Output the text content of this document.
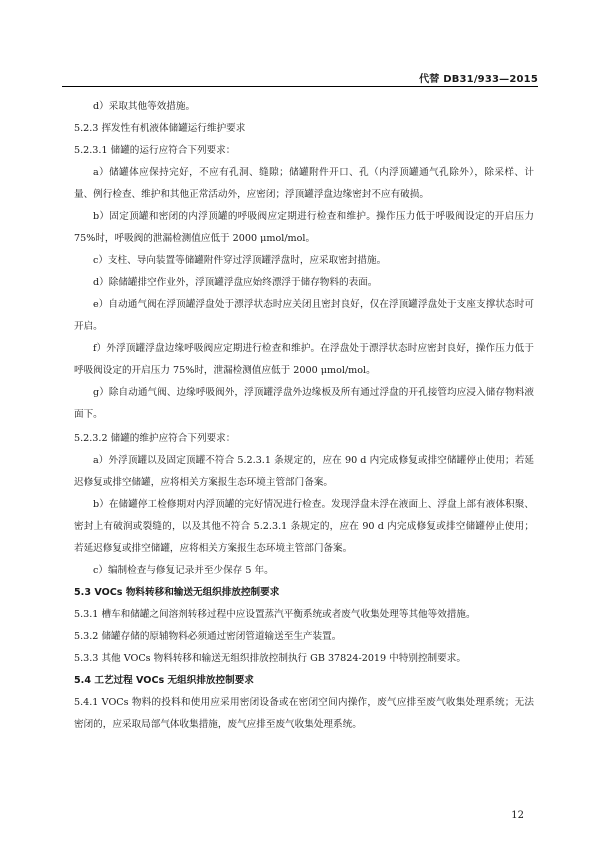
代替 DB31/933—2015

d）采取其他等效措施。

5.2.3 挥发性有机液体储罐运行维护要求

5.2.3.1 储罐的运行应符合下列要求：

a）储罐体应保持完好，不应有孔洞、缝隙；储罐附件开口、孔（内浮顶罐通气孔除外），除采样、计量、例行检查、维护和其他正常活动外，应密闭；浮顶罐浮盘边缘密封不应有破损。

b）固定顶罐和密闭的内浮顶罐的呼吸阀应定期进行检查和维护。操作压力低于呼吸阀设定的开启压力 75%时，呼吸阀的泄漏检测值应低于 2000 μmol/mol。

c）支柱、导向装置等储罐附件穿过浮顶罐浮盘时，应采取密封措施。

d）除储罐排空作业外，浮顶罐浮盘应始终漂浮于储存物料的表面。

e）自动通气阀在浮顶罐浮盘处于漂浮状态时应关闭且密封良好，仅在浮顶罐浮盘处于支座支撑状态时可开启。

f）外浮顶罐浮盘边缘呼吸阀应定期进行检查和维护。在浮盘处于漂浮状态时应密封良好，操作压力低于呼吸阀设定的开启压力 75%时，泄漏检测值应低于 2000 μmol/mol。

g）除自动通气阀、边缘呼吸阀外，浮顶罐浮盘外边缘板及所有通过浮盘的开孔接管均应浸入储存物料液面下。

5.2.3.2 储罐的维护应符合下列要求：

a）外浮顶罐以及固定顶罐不符合 5.2.3.1 条规定的，应在 90 d 内完成修复或排空储罐停止使用；若延迟修复或排空储罐，应将相关方案报生态环境主管部门备案。

b）在储罐停工检修期对内浮顶罐的完好情况进行检查。发现浮盘未浮在液面上、浮盘上部有液体积聚、密封上有破润或裂缝的，以及其他不符合 5.2.3.1 条规定的，应在 90 d 内完成修复或排空储罐停止使用；若延迟修复或排空储罐，应将相关方案报生态环境主管部门备案。

c）编制检查与修复记录并至少保存 5 年。

5.3 VOCs 物料转移和输送无组织排放控制要求

5.3.1 槽车和储罐之间溶剂转移过程中应设置蒸汽平衡系统或者废气收集处理等其他等效措施。

5.3.2 储罐存储的原辅物料必须通过密闭管道输送至生产装置。

5.3.3 其他 VOCs 物料转移和输送无组织排放控制执行 GB 37824-2019 中特别控制要求。

5.4 工艺过程 VOCs 无组织排放控制要求

5.4.1 VOCs 物料的投料和使用应采用密闭设备或在密闭空间内操作，废气应排至废气收集处理系统；无法密闭的，应采取局部气体收集措施，废气应排至废气收集处理系统。

12
